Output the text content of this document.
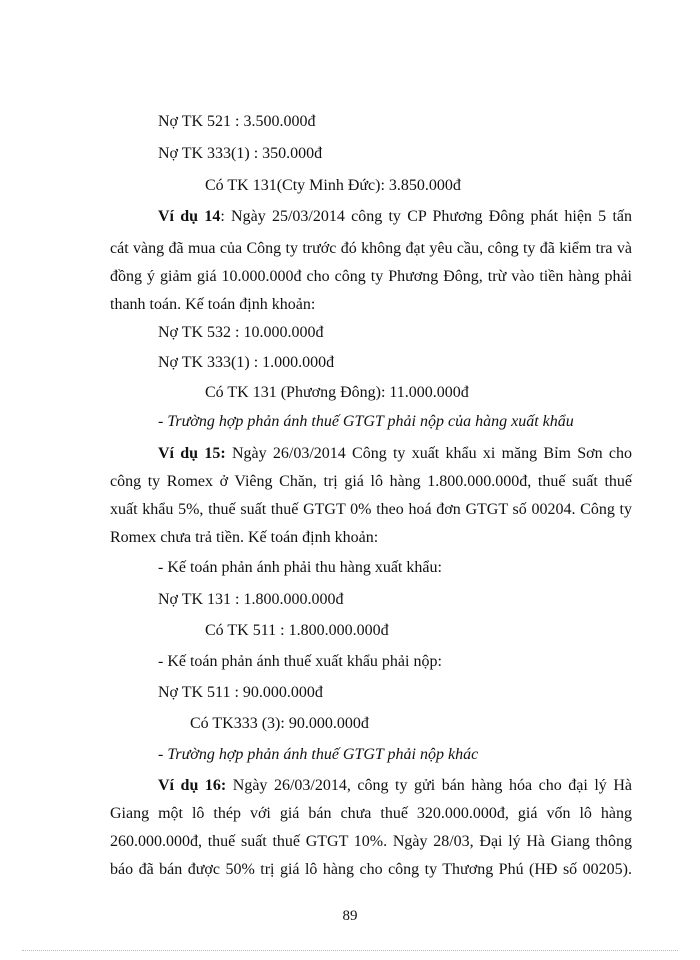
Nợ TK 521 : 3.500.000đ
Nợ TK 333(1) : 350.000đ
Có TK 131(Cty Minh Đức): 3.850.000đ
Ví dụ 14: Ngày 25/03/2014 công ty CP Phương Đông phát hiện 5 tấn
cát vàng đã mua của Công ty trước đó không đạt yêu cầu, công ty đã kiểm tra và
đồng ý giảm giá 10.000.000đ cho công ty Phương Đông, trừ vào tiền hàng phải
thanh toán. Kế toán định khoản:
Nợ TK 532 : 10.000.000đ
Nợ TK 333(1) : 1.000.000đ
Có TK 131 (Phương Đông): 11.000.000đ
- Trường hợp phản ánh thuế GTGT phải nộp của hàng xuất khẩu
Ví dụ 15: Ngày 26/03/2014 Công ty xuất khẩu xi măng Bỉm Sơn cho
công ty Romex ở Viêng Chăn, trị giá lô hàng 1.800.000.000đ, thuế suất thuế
xuất khẩu 5%, thuế suất thuế GTGT 0% theo hoá đơn GTGT số 00204. Công ty
Romex chưa trả tiền. Kế toán định khoản:
- Kế toán phản ánh phải thu hàng xuất khẩu:
Nợ TK 131 : 1.800.000.000đ
Có TK 511 : 1.800.000.000đ
- Kế toán phản ánh thuế xuất khẩu phải nộp:
Nợ TK 511 : 90.000.000đ
Có TK333 (3): 90.000.000đ
- Trường hợp phản ánh thuế GTGT phải nộp khác
Ví dụ 16: Ngày 26/03/2014, công ty gửi bán hàng hóa cho đại lý Hà
Giang một lô thép với giá bán chưa thuế 320.000.000đ, giá vốn lô hàng
260.000.000đ, thuế suất thuế GTGT 10%. Ngày 28/03, Đại lý Hà Giang thông
báo đã bán được 50% trị giá lô hàng cho công ty Thương Phú (HĐ số 00205).
89
